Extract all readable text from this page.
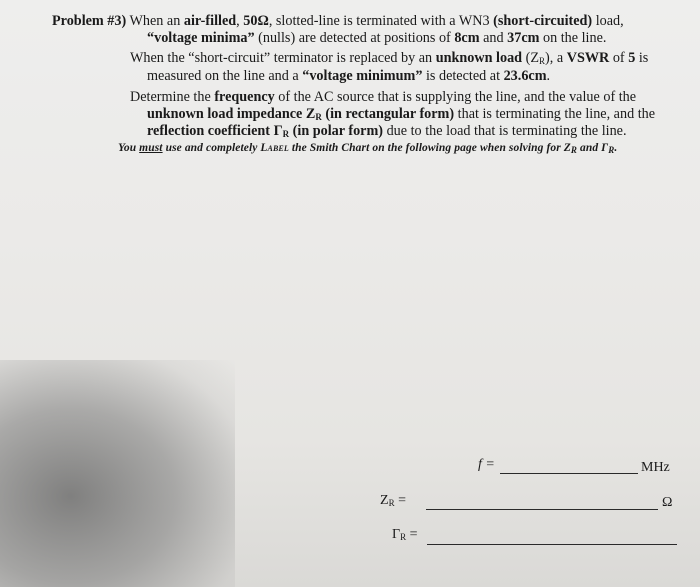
Problem #3) When an air-filled, 50Ω, slotted-line is terminated with a WN3 (short-circuited) load,
“voltage minima” (nulls) are detected at positions of 8cm and 37cm on the line.
When the “short-circuit” terminator is replaced by an unknown load $(Z_R)$, a VSWR of 5 is
measured on the line and a “voltage minimum” is detected at 23.6cm.
Determine the frequency of the AC source that is supplying the line, and the value of the
unknown load impedance $Z_R$ (in rectangular form) that is terminating the line, and the
reflection coefficient $\Gamma_R$ (in polar form) due to the load that is terminating the line.
You must use and completely Label the Smith Chart on the following page when solving for $Z_R$ and $\Gamma_R$.
f =	MHz
$Z_R$ =	Ω
$\Gamma_R$ =
